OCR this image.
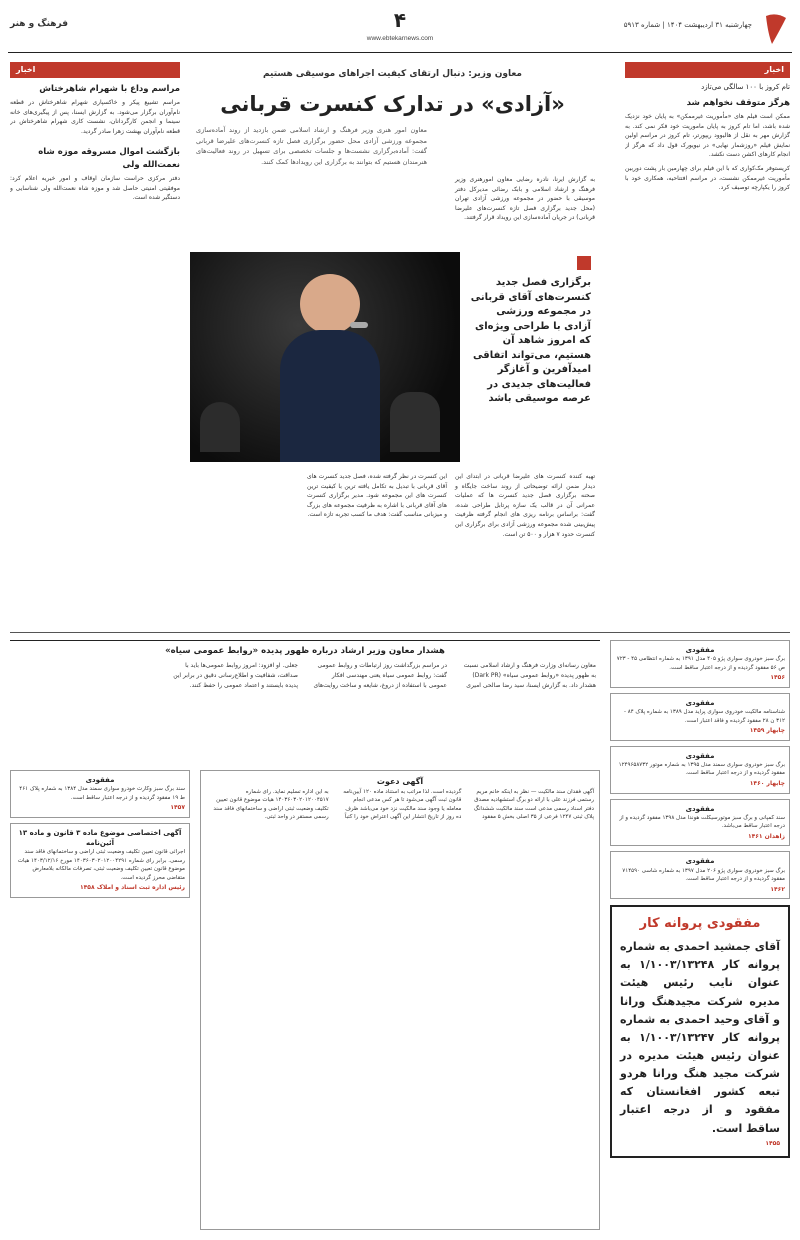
چهارشنبه ۳۱ اردیبهشت ۱۴۰۴ | شماره ۵۹۱۳
۴
www.ebtekarnews.com
فرهنگ و هنر
اخبار
تام کروز با ۱۰۰ سالگی می‌تازد
هرگز متوقف نخواهم شد

ممکن است فیلم های «مأموریت غیرممکن» به پایان خود نزدیک شده باشد، اما تام کروز به پایان ماموریت خود فکر نمی کند. به گزارش مهر به نقل از هالیوود ریپورتر، تام کروز در مراسم اولین نمایش فیلم «روزشمار نهایی» در نیویورک قول داد که هرگز از انجام کارهای اکشن دست نکشد.

کریستوفر مک‌کواری که با این فیلم برای چهارمین بار پشت دوربین مأموریت غیرممکن نشست، در مراسم افتتاحیه، همکاری خود با کروز را یکپارچه توصیف کرد.

اخبار
مراسم وداع با شهرام شاهرختاش

مراسم تشییع پیکر و خاکسپاری شهرام شاهرختاش در قطعه نام‌آوران برگزار می‌شود. به گزارش ایسنا، پس از پیگیری‌های خانه سینما و انجمن کارگردانان، نشست کاری شهرام شاهرختاش در قطعه نام‌آوران بهشت زهرا صادر گردید.

بازگشت اموال مسروقه موزه شاه نعمت‌الله ولی

دفتر مرکزی حراست سازمان اوقاف و امور خیریه اعلام کرد: موفقیتی امنیتی حاصل شد و موزه شاه نعمت‌الله ولی شناسایی و دستگیر شده است.

معاون وزیر: دنبال ارتقای کیفیت اجراهای موسیقی هستیم
«آزادی» در تدارک کنسرت قربانی

معاون امور هنری وزیر فرهنگ و ارشاد اسلامی ضمن بازدید از روند آماده‌سازی مجموعه ورزشی آزادی محل حضور برگزاری فصل تازه کنسرت‌های علیرضا قربانی گفت: آماده‌برگزاری نشست‌ها و جلسات تخصصی برای تسهیل در روند فعالیت‌های هنرمندان هستیم که بتوانند به برگزاری این رویدادها کمک کنند.

به گزارش ایرنا، نادره رضایی معاون امورهنری وزیر فرهنگ و ارشاد اسلامی و بابک رضائی مدیرکل دفتر موسیقی با حضور در مجموعه ورزشی آزادی تهران (محل جدید برگزاری فصل تازه کنسرت‌های علیرضا قربانی) در جریان آماده‌سازی این رویداد قرار گرفتند.

برگزاری فصل جدید کنسرت‌های آقای قربانی در مجموعه ورزشی آزادی با طراحی ویژه‌ای که امروز شاهد آن هستیم، می‌تواند اتفاقی امیدآفرین و آغازگر فعالیت‌های جدیدی در عرصه موسیقی باشد

تهیه کننده کنسرت های علیرضا قربانی در ابتدای این دیدار ضمن ارائه توضیحاتی از روند ساخت جایگاه و صحنه برگزاری فصل جدید کنسرت ها که عملیات عمرانی آن در قالب یک سازه پرتابل طراحی شده، گفت: براساس برنامه ریزی های انجام گرفته ظرفیت پیش‌بینی شده مجموعه ورزشی آزادی برای برگزاری این کنسرت حدود ۷ هزار و ۵۰۰ تن است.

این کنسرت در نظر گرفته شده، فصل جدید کنسرت های آقای قربانی با تبدیل به تکامل یافته ترین با کیفیت ترین کنسرت های این مجموعه شود. مدیر برگزاری کنسرت های آقای قربانی با اشاره به ظرفیت مجموعه های بزرگ و میزبانی مناسب گفت: هدف ما کسب تجربه تازه است.

هشدار معاون وزیر ارشاد درباره ظهور پدیده «روابط عمومی سیاه»

معاون رسانه‌ای وزارت فرهنگ و ارشاد اسلامی نسبت به ظهور پدیده «روابط عمومی سیاه» (Dark PR) هشدار داد. به گزارش ایسنا، سید رضا صالحی امیری در مراسم بزرگداشت روز ارتباطات و روابط عمومی گفت: روابط عمومی سیاه یعنی مهندسی افکار عمومی با استفاده از دروغ، شایعه و ساخت روایت‌های جعلی. او افزود: امروز روابط عمومی‌ها باید با صداقت، شفافیت و اطلاع‌رسانی دقیق در برابر این پدیده بایستند و اعتماد عمومی را حفظ کنند.

مفقودی

برگ سبز خودروی سواری پژو ۴۰۵ مدل ۱۳۹۱ به شماره انتظامی ۴۵ - ۷۲۳ ص ۵۶ مفقود گردیده و از درجه اعتبار ساقط است.

۱۴۵۶
مفقودی

شناسنامه مالکیت خودروی سواری پراید مدل ۱۳۸۹ به شماره پلاک ۸۴ - ۳۱۲ ن ۲۸ مفقود گردیده و فاقد اعتبار است.

چابهار ۱۴۵۹
مفقودی

برگ سبز خودروی سواری سمند مدل ۱۳۹۵ به شماره موتور ۱۲۴۹۶۵۸۷۳۲ مفقود گردیده و از درجه اعتبار ساقط است.

چابهار ۱۴۶۰
مفقودی

سند کمپانی و برگ سبز موتورسیکلت هوندا مدل ۱۳۹۸ مفقود گردیده و از درجه اعتبار ساقط می‌باشد.

زاهدان ۱۴۶۱
مفقودی

برگ سبز خودروی سواری پژو ۲۰۶ مدل ۱۳۹۷ به شماره شاسی ۷۱۴۵۹۰ مفقود گردیده و از درجه اعتبار ساقط است.

۱۴۶۲
مفقودی پروانه کار

آقای جمشید احمدی به شماره پروانه کار ۱/۱۰۰۳/۱۳۲۴۸ به عنوان نایب رئیس هیئت مدیره شرکت مجیدهنگ ورانا و آقای وحید احمدی به شماره پروانه کار ۱/۱۰۰۳/۱۳۲۴۷ به عنوان رئیس هیئت مدیره در شرکت مجید هنگ ورانا هردو تبعه کشور افغانستان که مفقود و از درجه اعتبار ساقط است.

۱۴۵۵
آگهی دعوت

آگهی فقدان سند مالکیت — نظر به اینکه خانم مریم رستمی فرزند علی با ارائه دو برگ استشهادیه مصدق دفتر اسناد رسمی مدعی است سند مالکیت ششدانگ پلاک ثبتی ۱۲۴۷ فرعی از ۳۵ اصلی بخش ۵ مفقود گردیده است. لذا مراتب به استناد ماده ۱۲۰ آیین‌نامه قانون ثبت آگهی می‌شود تا هر کس مدعی انجام معامله یا وجود سند مالکیت نزد خود می‌باشد ظرف ده روز از تاریخ انتشار این آگهی اعتراض خود را کتباً به این اداره تسلیم نماید. رای شماره ۱۴۰۳۶۰۳۰۲۰۱۲۰۰۴۵۱۷ هیات موضوع قانون تعیین تکلیف وضعیت ثبتی اراضی و ساختمانهای فاقد سند رسمی مستقر در واحد ثبتی.

مفقودی

سند برگ سبز وکارت خودرو سواری سمند مدل ۱۳۸۴ به شماره پلاک ۴۶۱ ط ۱۹ مفقود گردیده و از درجه اعتبار ساقط است.

۱۴۵۷
آگهی اختصاصی موضوع ماده ۳ قانون و ماده ۱۳ آئین‌نامه

اجرائی قانون تعیین تکلیف وضعیت ثبتی اراضی و ساختمانهای فاقد سند رسمی. برابر رای شماره ۱۴۰۳۶۰۳۰۲۰۱۲۰۰۴۲۹۱ مورخ ۱۴۰۳/۱۲/۱۶ هیات موضوع قانون تعیین تکلیف وضعیت ثبتی، تصرفات مالکانه بلامعارض متقاضی محرز گردیده است.

رئیس اداره ثبت اسناد و املاک ۱۴۵۸
